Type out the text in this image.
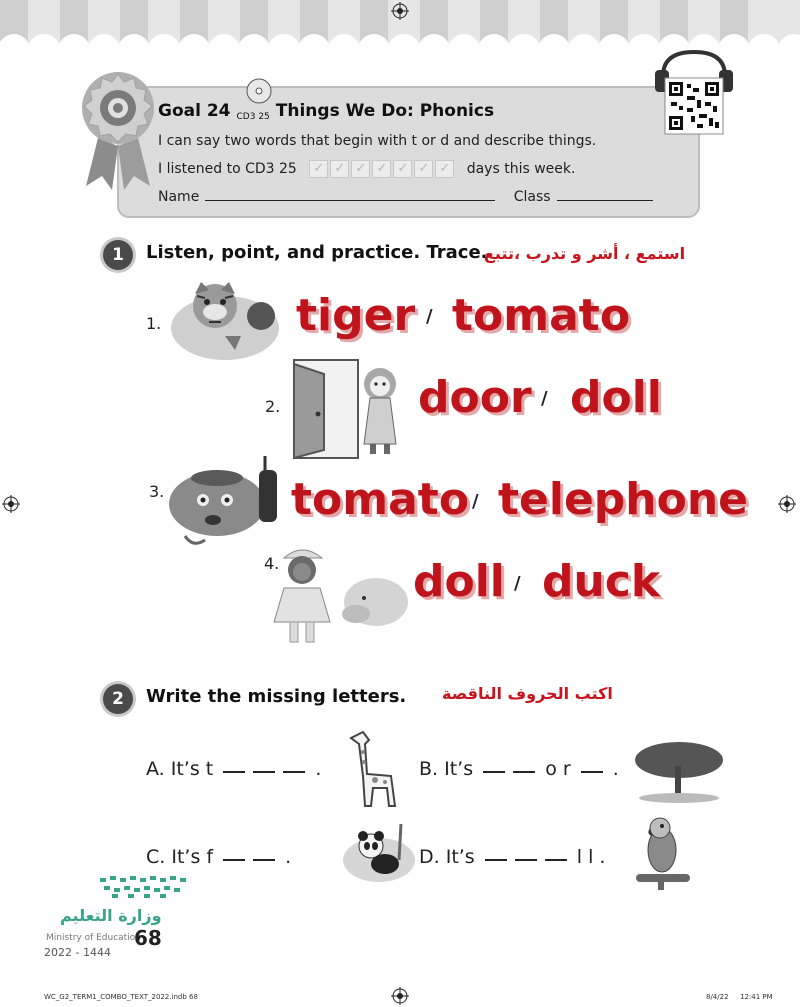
Goal 24 CD3 25 Things We Do: Phonics
I can say two words that begin with t or d and describe things.
I listened to CD3 25	✓ ✓ ✓ ✓ ✓ ✓ ✓ days this week.
Name	Class
1	Listen, point, and practice. Trace.
استمع ، أشر و تدرب ،تتبع
1.	tiger / tomato
2.	door / doll
3.	tomato / telephone
4.	doll / duck
2	Write the missing letters. اكتب الحروف الناقصة
A. It’s t	.	B. It’s	o r .
C. It’s f	.	D. It’s	l l .
وزارة التعليم
Ministry of Education
68
2022 - 1444
WC_G2_TERM1_COMBO_TEXT_2022.indb 68	8/4/22 12:41 PM
